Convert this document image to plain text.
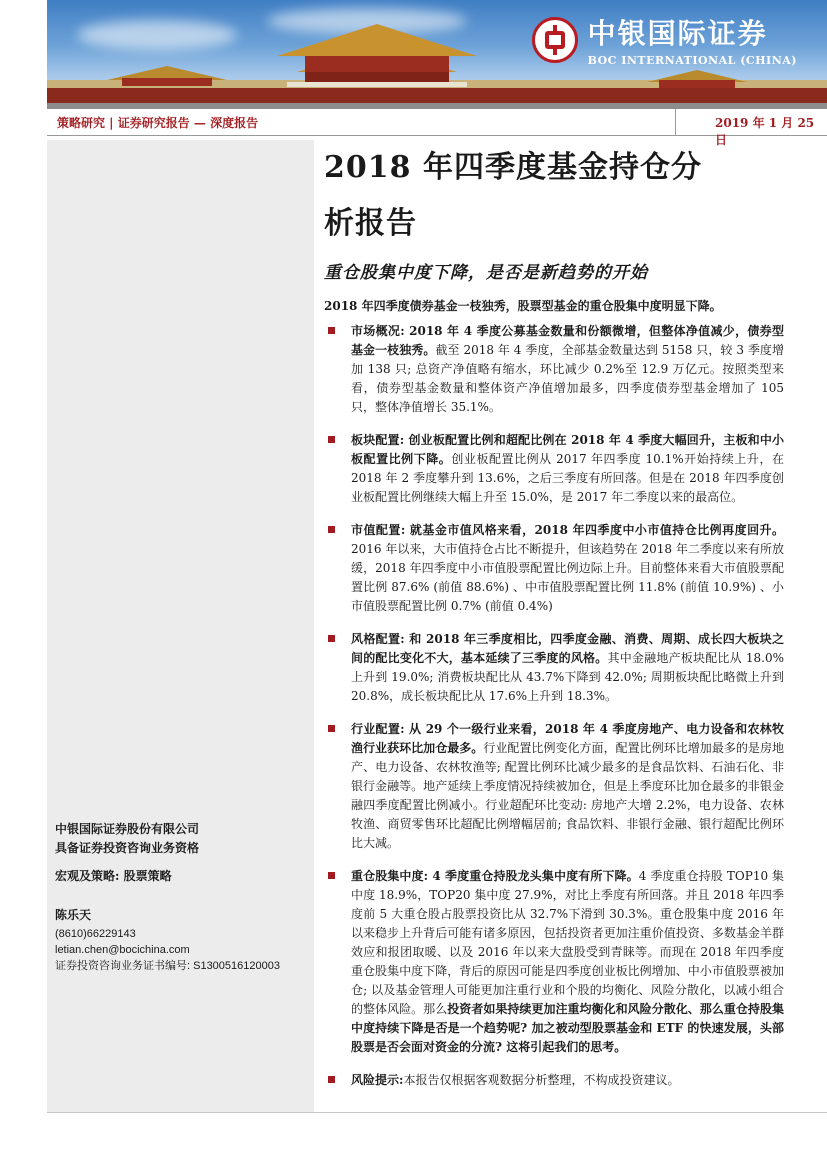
中银国际证券
BOC INTERNATIONAL (CHINA)
策略研究 | 证券研究报告 — 深度报告	2019 年 1 月 25 日
中银国际证券股份有限公司
具备证券投资咨询业务资格
宏观及策略: 股票策略
陈乐天
(8610)66229143
letian.chen@bocichina.com
证券投资咨询业务证书编号: S1300516120003
2018 年四季度基金持仓分
析报告
重仓股集中度下降，是否是新趋势的开始
2018 年四季度债券基金一枝独秀，股票型基金的重仓股集中度明显下降。
市场概况: 2018 年 4 季度公募基金数量和份额微增，但整体净值减少，债券型基金一枝独秀。截至 2018 年 4 季度，全部基金数量达到 5158 只，较 3 季度增加 138 只; 总资产净值略有缩水，环比减少 0.2%至 12.9 万亿元。按照类型来看，债券型基金数量和整体资产净值增加最多，四季度债券型基金增加了 105 只，整体净值增长 35.1%。
板块配置: 创业板配置比例和超配比例在 2018 年 4 季度大幅回升，主板和中小板配置比例下降。创业板配置比例从 2017 年四季度 10.1%开始持续上升，在 2018 年 2 季度攀升到 13.6%，之后三季度有所回落。但是在 2018 年四季度创业板配置比例继续大幅上升至 15.0%，是 2017 年二季度以来的最高位。
市值配置: 就基金市值风格来看，2018 年四季度中小市值持仓比例再度回升。2016 年以来，大市值持仓占比不断提升，但该趋势在 2018 年二季度以来有所放缓，2018 年四季度中小市值股票配置比例边际上升。目前整体来看大市值股票配置比例 87.6% (前值 88.6%) 、中市值股票配置比例 11.8% (前值 10.9%) 、小市值股票配置比例 0.7% (前值 0.4%)
风格配置: 和 2018 年三季度相比，四季度金融、消费、周期、成长四大板块之间的配比变化不大，基本延续了三季度的风格。其中金融地产板块配比从 18.0%上升到 19.0%; 消费板块配比从 43.7%下降到 42.0%; 周期板块配比略微上升到 20.8%，成长板块配比从 17.6%上升到 18.3%。
行业配置: 从 29 个一级行业来看，2018 年 4 季度房地产、电力设备和农林牧渔行业获环比加仓最多。行业配置比例变化方面，配置比例环比增加最多的是房地产、电力设备、农林牧渔等; 配置比例环比减少最多的是食品饮料、石油石化、非银行金融等。地产延续上季度情况持续被加仓，但是上季度环比加仓最多的非银金融四季度配置比例减小。行业超配环比变动: 房地产大增 2.2%，电力设备、农林牧渔、商贸零售环比超配比例增幅居前; 食品饮料、非银行金融、银行超配比例环比大减。
重仓股集中度: 4 季度重仓持股龙头集中度有所下降。4 季度重仓持股 TOP10 集中度 18.9%，TOP20 集中度 27.9%，对比上季度有所回落。并且 2018 年四季度前 5 大重仓股占股票投资比从 32.7%下滑到 30.3%。重仓股集中度 2016 年以来稳步上升背后可能有诸多原因，包括投资者更加注重价值投资、多数基金羊群效应和报团取暖、以及 2016 年以来大盘股受到青睐等。而现在 2018 年四季度重仓股集中度下降，背后的原因可能是四季度创业板比例增加、中小市值股票被加仓; 以及基金管理人可能更加注重行业和个股的均衡化、风险分散化，以减小组合的整体风险。那么投资者如果持续更加注重均衡化和风险分散化、那么重仓持股集中度持续下降是否是一个趋势呢? 加之被动型股票基金和 ETF 的快速发展，头部股票是否会面对资金的分流? 这将引起我们的思考。
风险提示:本报告仅根据客观数据分析整理，不构成投资建议。
